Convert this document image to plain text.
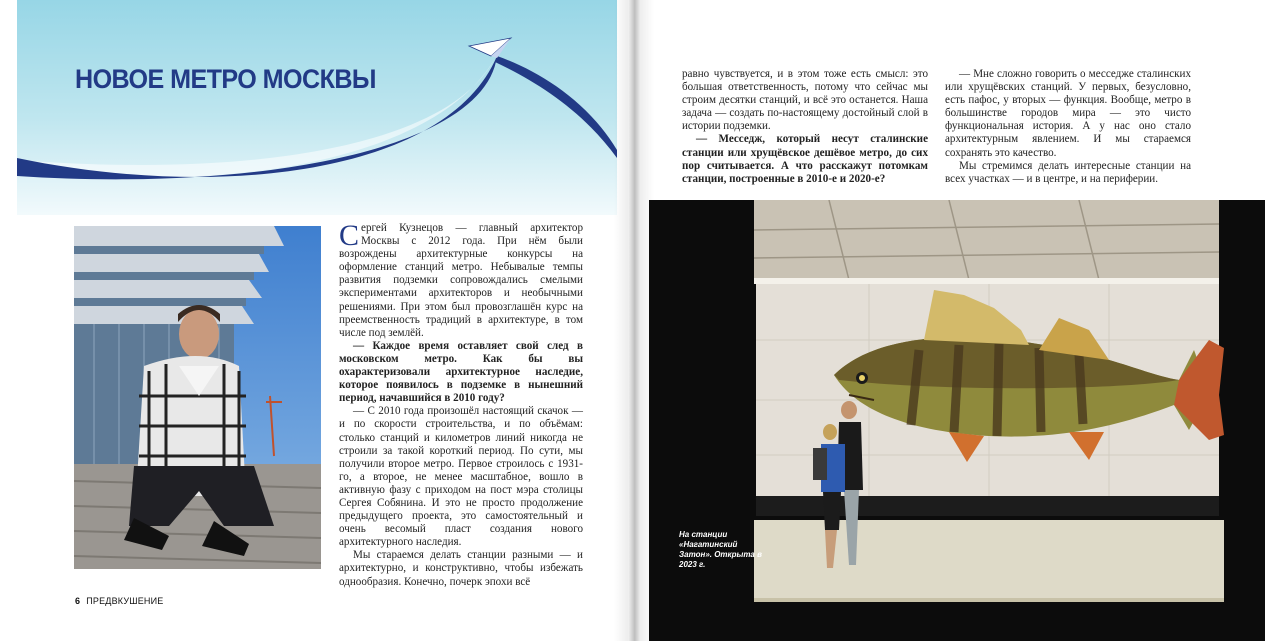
НОВОЕ МЕТРО МОСКВЫ

Сергей Кузнецов — главный архитектор Москвы с 2012 года. При нём были возрождены архитектурные конкурсы на оформление станций метро. Небывалые темпы развития подземки сопровождались смелыми экспериментами архитекторов и необычными решениями. При этом был провозглашён курс на преемственность традиций в архитектуре, в том числе под землёй.

— Каждое время оставляет свой след в московском метро. Как бы вы охарактеризовали архитектурное наследие, которое появилось в подземке в нынешний период, начавшийся в 2010 году?

— С 2010 года произошёл настоящий скачок — и по скорости строительства, и по объёмам: столько станций и километров линий никогда не строили за такой короткий период. По сути, мы получили второе метро. Первое строилось с 1931-го, а второе, не менее масштабное, вошло в активную фазу с приходом на пост мэра столицы Сергея Собянина. И это не просто продолжение предыдущего проекта, это самостоятельный и очень весомый пласт создания нового архитектурного наследия.

Мы стараемся делать станции разными — и архитектурно, и конструктивно, чтобы избежать однообразия. Конечно, почерк эпохи всё

6 ПРЕДВКУШЕНИЕ

равно чувствуется, и в этом тоже есть смысл: это большая ответственность, потому что сейчас мы строим десятки станций, и всё это останется. Наша задача — создать по-настоящему достойный слой в истории подземки.

— Месседж, который несут сталинские станции или хрущёвское дешёвое метро, до сих пор считывается. А что расскажут потомкам станции, построенные в 2010-е и 2020-е?

— Мне сложно говорить о месседже сталинских или хрущёвских станций. У первых, безусловно, есть пафос, у вторых — функция. Вообще, метро в большинстве городов мира — это чисто функциональная история. А у нас оно стало архитектурным явлением. И мы стараемся сохранять это качество.

Мы стремимся делать интересные станции на всех участках — и в центре, и на периферии.

На станции «Нагатинский Затон». Открыта в 2023 г.
